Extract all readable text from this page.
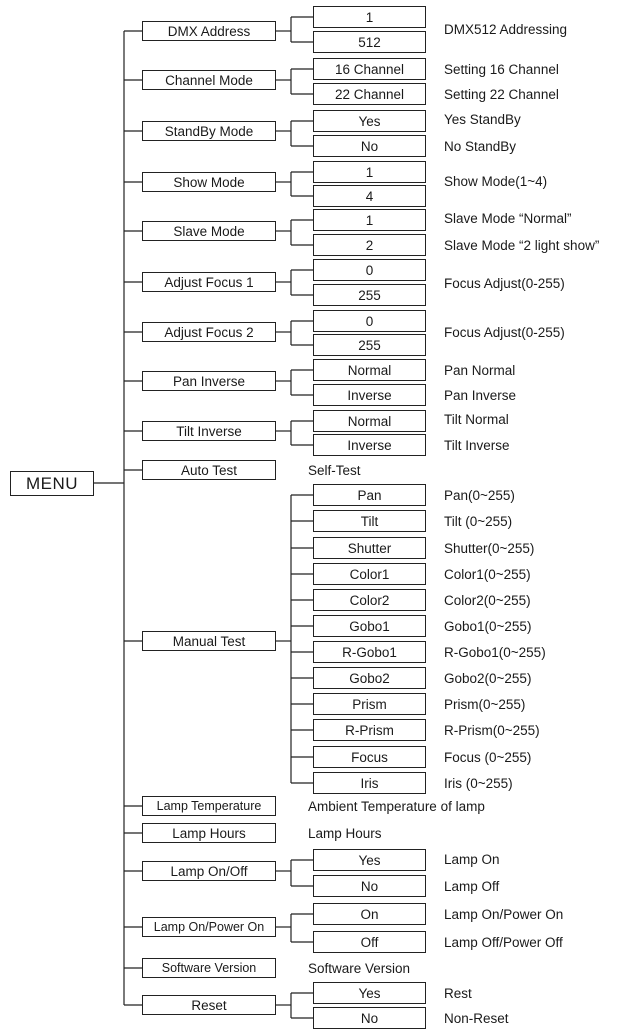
MENU
DMX Address
1
512
DMX512 Addressing
Channel Mode
16 Channel
22 Channel
Setting 16 Channel
Setting 22 Channel
StandBy Mode
Yes
No
Yes StandBy
No StandBy
Show Mode
1
4
Show Mode(1~4)
Slave Mode
1
2
Slave Mode “Normal”
Slave Mode “2 light show”
Adjust Focus 1
0
255
Focus Adjust(0-255)
Adjust Focus 2
0
255
Focus Adjust(0-255)
Pan Inverse
Normal
Inverse
Pan Normal
Pan Inverse
Tilt Inverse
Normal
Inverse
Tilt Normal
Tilt Inverse
Auto Test	Self-Test
Manual Test
Pan
Tilt
Shutter
Color1
Color2
Gobo1
R-Gobo1
Gobo2
Prism
R-Prism
Focus
Iris
Pan(0~255)
Tilt (0~255)
Shutter(0~255)
Color1(0~255)
Color2(0~255)
Gobo1(0~255)
R-Gobo1(0~255)
Gobo2(0~255)
Prism(0~255)
R-Prism(0~255)
Focus (0~255)
Iris (0~255)
Lamp Temperature	Ambient Temperature of lamp
Lamp Hours	Lamp Hours
Lamp On/Off
Yes
No
Lamp On
Lamp Off
Lamp On/Power On
On
Off
Lamp On/Power On
Lamp Off/Power Off
Software Version	Software Version
Reset
Yes
No
Rest
Non-Reset
